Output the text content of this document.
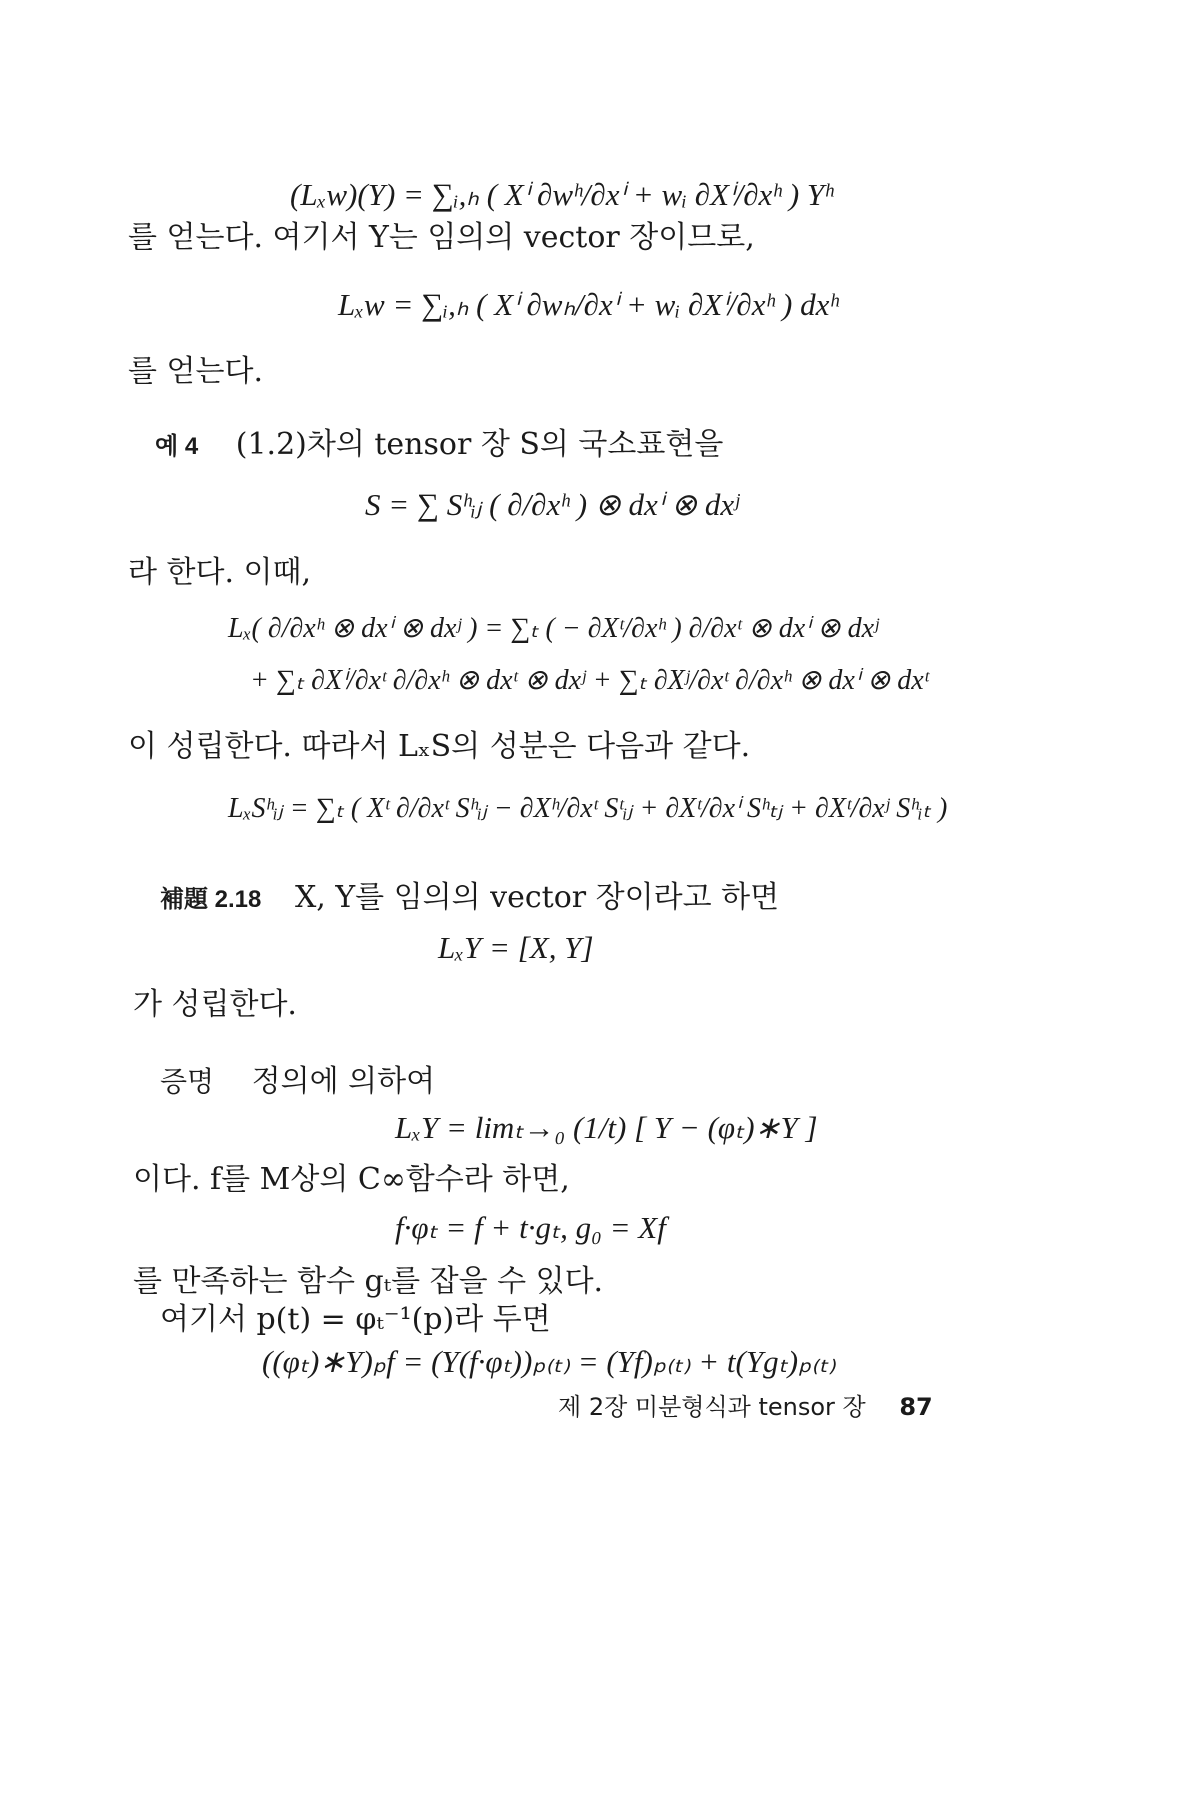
(Lₓw)(Y) = ∑ᵢ,ₕ ( Xⁱ ∂wʰ/∂xⁱ + wᵢ ∂Xⁱ/∂xʰ ) Yʰ
를 얻는다. 여기서 Y는 임의의 vector 장이므로,
Lₓw = ∑ᵢ,ₕ ( Xⁱ ∂wₕ/∂xⁱ + wᵢ ∂Xⁱ/∂xʰ ) dxʰ
를 얻는다.
예 4 (1.2)차의 tensor 장 S의 국소표현을
S = ∑ Sʰᵢⱼ ( ∂/∂xʰ ) ⊗ dxⁱ ⊗ dxʲ
라 한다. 이때,
Lₓ( ∂/∂xʰ ⊗ dxⁱ ⊗ dxʲ ) = ∑ₜ ( − ∂Xᵗ/∂xʰ ) ∂/∂xᵗ ⊗ dxⁱ ⊗ dxʲ
+ ∑ₜ ∂Xⁱ/∂xᵗ ∂/∂xʰ ⊗ dxᵗ ⊗ dxʲ + ∑ₜ ∂Xʲ/∂xᵗ ∂/∂xʰ ⊗ dxⁱ ⊗ dxᵗ
이 성립한다. 따라서 LₓS의 성분은 다음과 같다.
LₓSʰᵢⱼ = ∑ₜ ( Xᵗ ∂/∂xᵗ Sʰᵢⱼ − ∂Xʰ/∂xᵗ Sᵗᵢⱼ + ∂Xᵗ/∂xⁱ Sʰₜⱼ + ∂Xᵗ/∂xʲ Sʰᵢₜ )
補題 2.18 X, Y를 임의의 vector 장이라고 하면
LₓY = [X, Y]
가 성립한다.
증명 정의에 의하여
LₓY = limₜ→₀ (1/t) [ Y − (φₜ)∗Y ]
이다. f를 M상의 C∞함수라 하면,
f·φₜ = f + t·gₜ, g₀ = Xf
를 만족하는 함수 gₜ를 잡을 수 있다.
여기서 p(t) = φₜ⁻¹(p)라 두면
((φₜ)∗Y)ₚf = (Y(f·φₜ))ₚ₍ₜ₎ = (Yf)ₚ₍ₜ₎ + t(Ygₜ)ₚ₍ₜ₎
제 2장 미분형식과 tensor 장 87
